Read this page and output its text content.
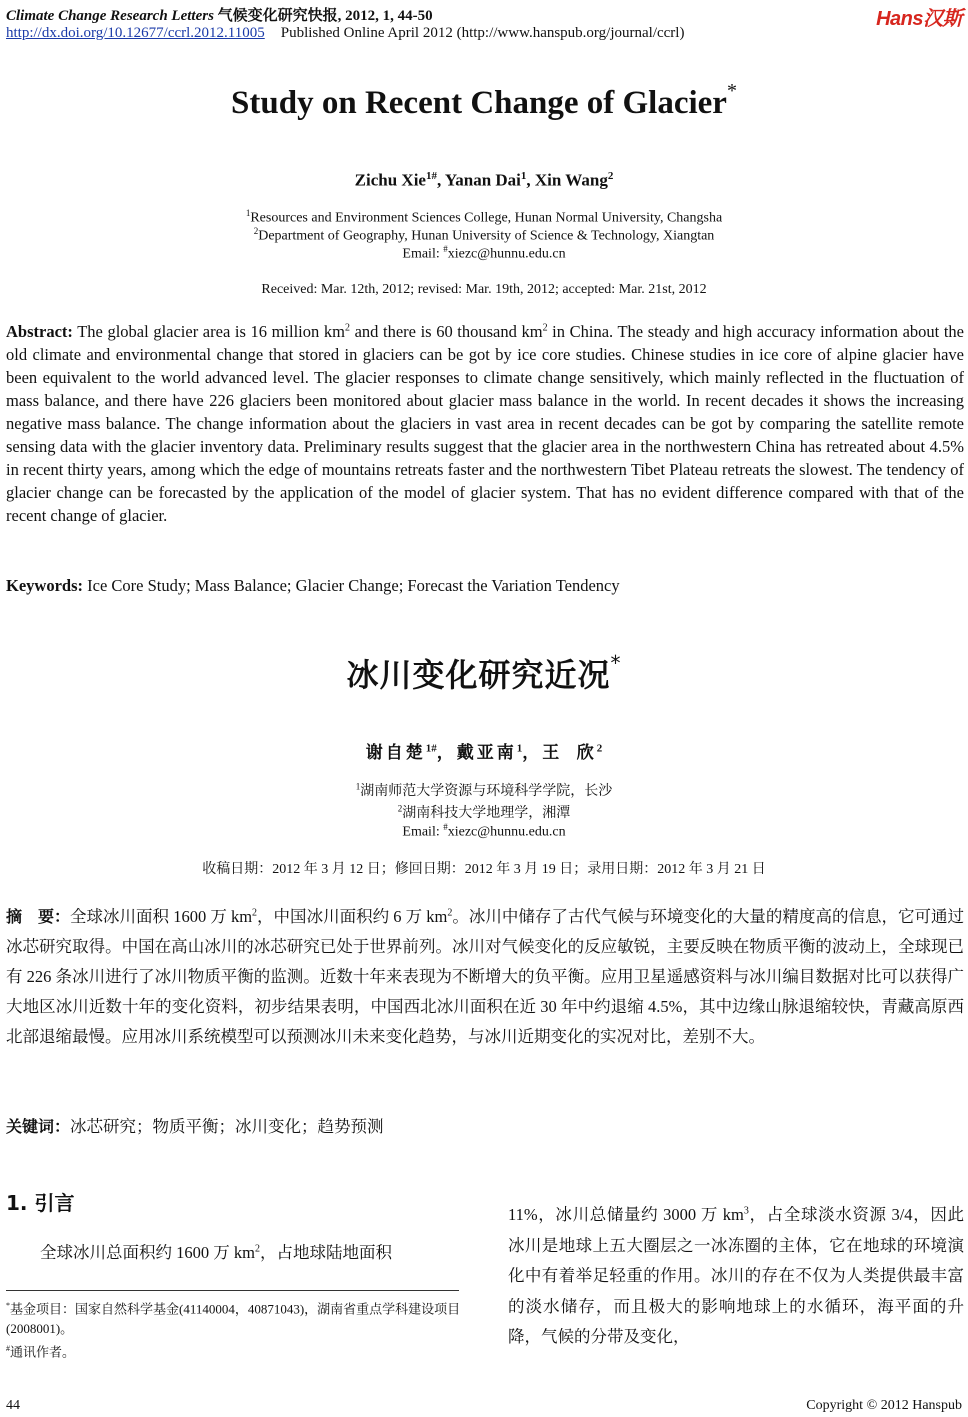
Climate Change Research Letters 气候变化研究快报, 2012, 1, 44-50	Hans汉斯
http://dx.doi.org/10.12677/ccrl.2012.11005 Published Online April 2012 (http://www.hanspub.org/journal/ccrl)
Study on Recent Change of Glacier*
Zichu Xie$^{1\#}$, Yanan Dai$^1$, Xin Wang$^2$
$^1$Resources and Environment Sciences College, Hunan Normal University, Changsha
$^2$Department of Geography, Hunan University of Science & Technology, Xiangtan
Email: #xiezc@hunnu.edu.cn
Received: Mar. 12th, 2012; revised: Mar. 19th, 2012; accepted: Mar. 21st, 2012

Abstract: The global glacier area is 16 million $km^2$ and there is 60 thousand $km^2$ in China. The steady and high accuracy information about the old climate and environmental change that stored in glaciers can be got by ice core studies. Chinese studies in ice core of alpine glacier have been equivalent to the world advanced level. The glacier responses to climate change sensitively, which mainly reflected in the fluctuation of mass balance, and there have 226 glaciers been monitored about glacier mass balance in the world. In recent decades it shows the increasing negative mass balance. The change information about the glaciers in vast area in recent decades can be got by comparing the satellite remote sensing data with the glacier inventory data. Preliminary results suggest that the glacier area in the northwestern China has retreated about 4.5% in recent thirty years, among which the edge of mountains retreats faster and the northwestern Tibet Plateau retreats the slowest. The tendency of glacier change can be forecasted by the application of the model of glacier system. That has no evident difference compared with that of the recent change of glacier.

Keywords: Ice Core Study; Mass Balance; Glacier Change; Forecast the Variation Tendency

冰川变化研究近况*
谢自楚$^{1\#}$，戴亚南$^1$，王  欣$^2$
$^1$湖南师范大学资源与环境科学学院，长沙
$^2$湖南科技大学地理学，湘潭
Email: #xiezc@hunnu.edu.cn
收稿日期：2012 年 3 月 12 日；修回日期：2012 年 3 月 19 日；录用日期：2012 年 3 月 21 日

摘　要：全球冰川面积 1600 万 $km^2$，中国冰川面积约 6 万 $km^2$。冰川中储存了古代气候与环境变化的大量的精度高的信息，它可通过冰芯研究取得。中国在高山冰川的冰芯研究已处于世界前列。冰川对气候变化的反应敏锐，主要反映在物质平衡的波动上，全球现已有 226 条冰川进行了冰川物质平衡的监测。近数十年来表现为不断增大的负平衡。应用卫星遥感资料与冰川编目数据对比可以获得广大地区冰川近数十年的变化资料，初步结果表明，中国西北冰川面积在近 30 年中约退缩 4.5%，其中边缘山脉退缩较快，青藏高原西北部退缩最慢。应用冰川系统模型可以预测冰川未来变化趋势，与冰川近期变化的实况对比，差别不大。

关键词：冰芯研究；物质平衡；冰川变化；趋势预测

1. 引言

全球冰川总面积约 1600 万 $km^2$，占地球陆地面积

*基金项目：国家自然科学基金(41140004，40871043)，湖南省重点学科建设项目(2008001)。

#通讯作者。

11%，冰川总储量约 3000 万 $km^3$，占全球淡水资源 3/4，因此冰川是地球上五大圈层之一冰冻圈的主体，它在地球的环境演化中有着举足轻重的作用。冰川的存在不仅为人类提供最丰富的淡水储存，而且极大的影响地球上的水循环，海平面的升降，气候的分带及变化，

44	Copyright © 2012 Hanspub
